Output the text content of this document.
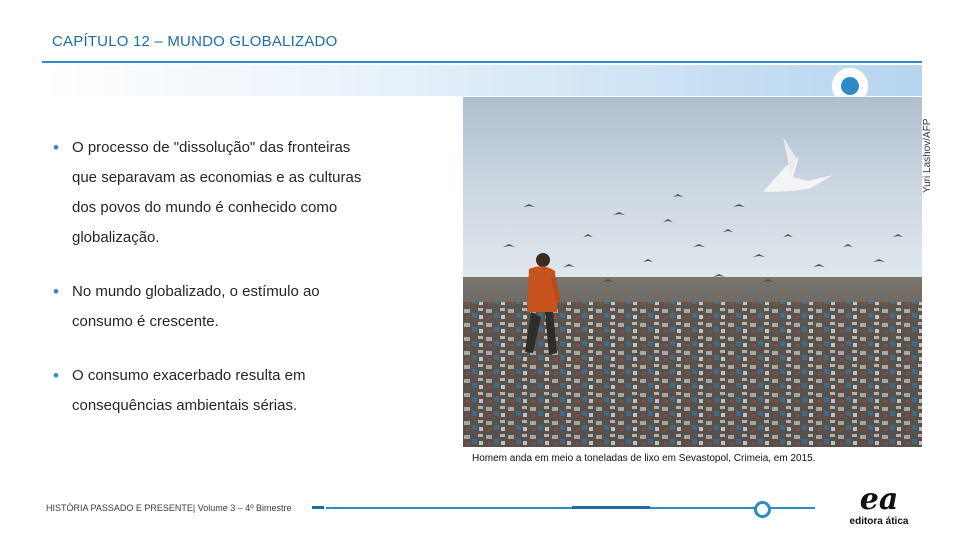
CAPÍTULO 12 – MUNDO GLOBALIZADO
• O processo de "dissolução" das fronteiras
que separavam as economias e as culturas
dos povos do mundo é conhecido como
globalização.
• No mundo globalizado, o estímulo ao
consumo é crescente.
• O consumo exacerbado resulta em
consequências ambientais sérias.
Yuri Lashov/AFP
Homem anda em meio a toneladas de lixo em Sevastopol, Crimeia, em 2015.
HISTÓRIA PASSADO E PRESENTE| Volume 3 – 4º Bimestre	ea
editora ática
